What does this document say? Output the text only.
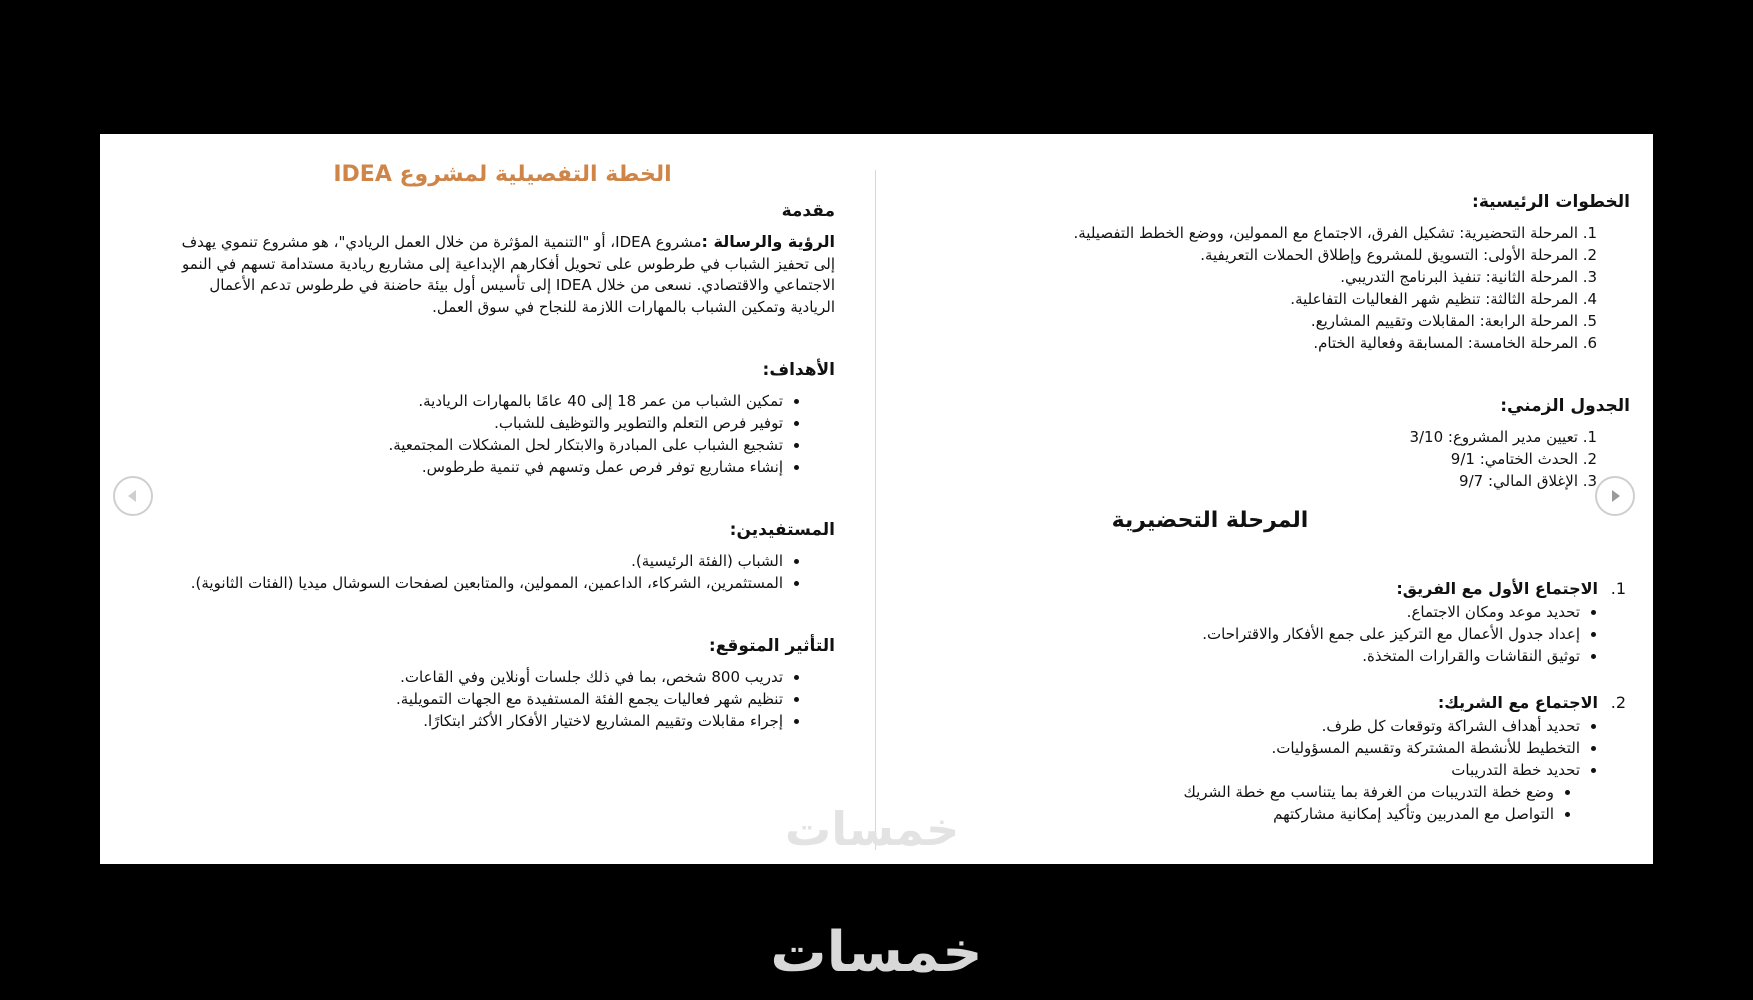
الخطة التفصيلية لمشروع IDEA
مقدمة

الرؤية والرسالة :مشروع IDEA، أو "التنمية المؤثرة من خلال العمل الريادي"، هو مشروع تنموي يهدف إلى تحفيز الشباب في طرطوس على تحويل أفكارهم الإبداعية إلى مشاريع ريادية مستدامة تسهم في النمو الاجتماعي والاقتصادي. نسعى من خلال IDEA إلى تأسيس أول بيئة حاضنة في طرطوس تدعم الأعمال الريادية وتمكين الشباب بالمهارات اللازمة للنجاح في سوق العمل.

الأهداف:
• تمكين الشباب من عمر 18 إلى 40 عامًا بالمهارات الريادية.
• توفير فرص التعلم والتطوير والتوظيف للشباب.
• تشجيع الشباب على المبادرة والابتكار لحل المشكلات المجتمعية.
• إنشاء مشاريع توفر فرص عمل وتسهم في تنمية طرطوس.
المستفيدين:
• الشباب (الفئة الرئيسية).
• المستثمرين، الشركاء، الداعمين، الممولين، والمتابعين لصفحات السوشال ميديا (الفئات الثانوية).
التأثير المتوقع:
• تدريب 800 شخص، بما في ذلك جلسات أونلاين وفي القاعات.
• تنظيم شهر فعاليات يجمع الفئة المستفيدة مع الجهات التمويلية.
• إجراء مقابلات وتقييم المشاريع لاختيار الأفكار الأكثر ابتكارًا.
الخطوات الرئيسية:
1. المرحلة التحضيرية: تشكيل الفرق، الاجتماع مع الممولين، ووضع الخطط التفصيلية.
2. المرحلة الأولى: التسويق للمشروع وإطلاق الحملات التعريفية.
3. المرحلة الثانية: تنفيذ البرنامج التدريبي.
4. المرحلة الثالثة: تنظيم شهر الفعاليات التفاعلية.
5. المرحلة الرابعة: المقابلات وتقييم المشاريع.
6. المرحلة الخامسة: المسابقة وفعالية الختام.
الجدول الزمني:
1. تعيين مدير المشروع: 3/10
2. الحدث الختامي: 9/1
3. الإغلاق المالي: 9/7
المرحلة التحضيرية
1.الاجتماع الأول مع الفريق:
• تحديد موعد ومكان الاجتماع.
• إعداد جدول الأعمال مع التركيز على جمع الأفكار والاقتراحات.
• توثيق النقاشات والقرارات المتخذة.
2.الاجتماع مع الشريك:
• تحديد أهداف الشراكة وتوقعات كل طرف.
• التخطيط للأنشطة المشتركة وتقسيم المسؤوليات.
• تحديد خطة التدريبات
• وضع خطة التدريبات من الغرفة بما يتناسب مع خطة الشريك
• التواصل مع المدربين وتأكيد إمكانية مشاركتهم
خمسات
خمسات
